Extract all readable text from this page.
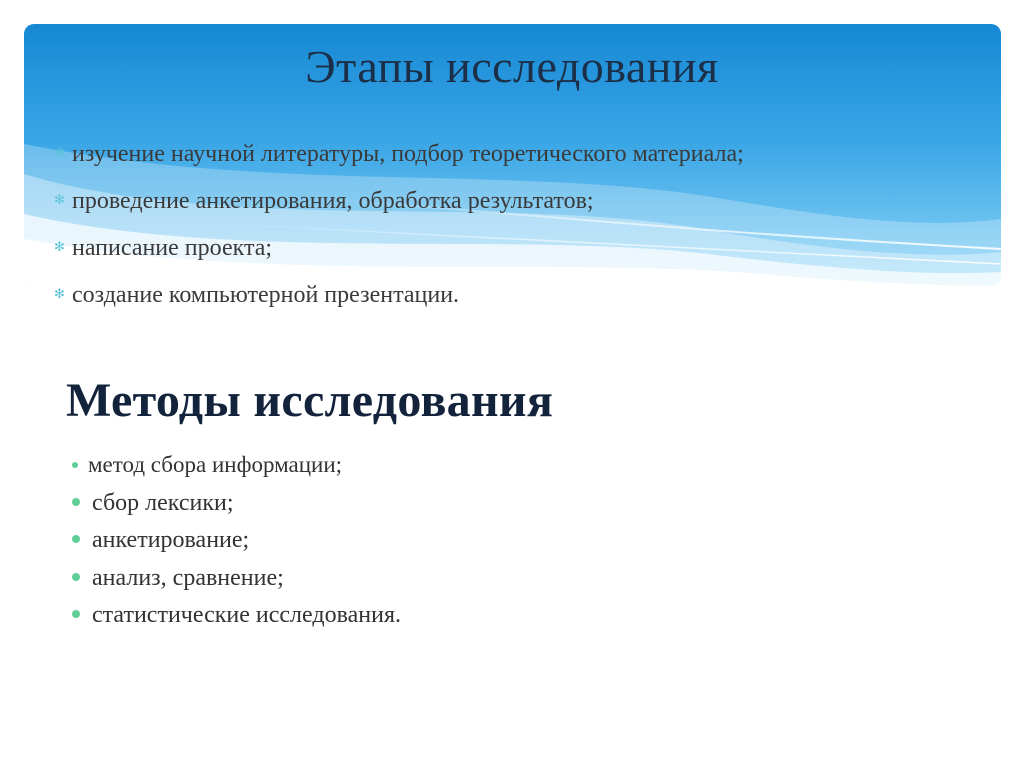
Этапы исследования
✻ изучение научной литературы, подбор теоретического материала;
✻ проведение анкетирования, обработка результатов;
✻ написание проекта;
✻ создание компьютерной презентации.
Методы исследования
метод сбора информации;
сбор лексики;
анкетирование;
анализ, сравнение;
статистические исследования.
